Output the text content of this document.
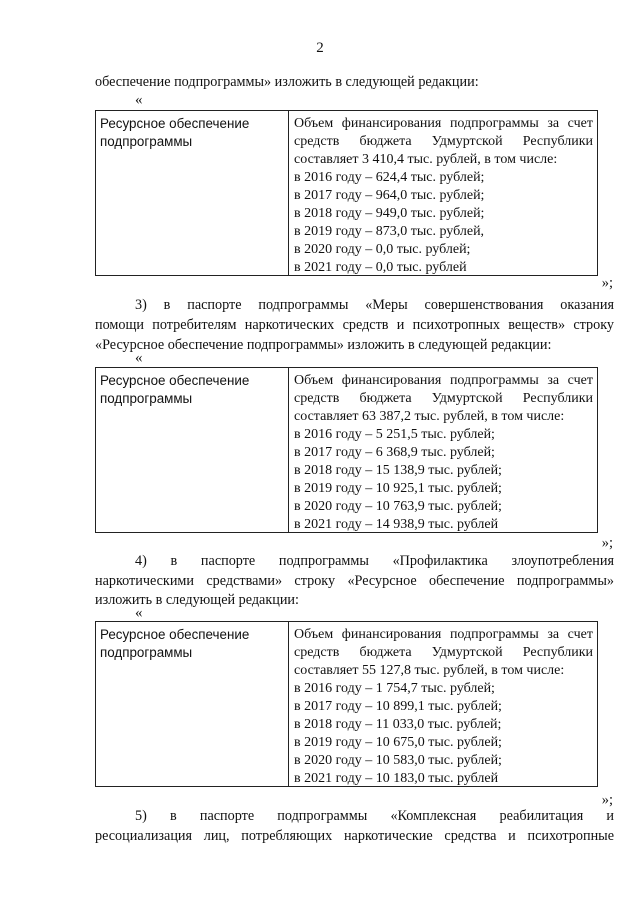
2

обеспечение подпрограммы» изложить в следующей редакции:

«
Ресурсное обеспечение подпрограммы
Объем финансирования подпрограммы за счет
средств бюджета Удмуртской Республики
составляет 3 410,4 тыс. рублей, в том числе:
в 2016 году – 624,4 тыс. рублей;
в 2017 году – 964,0 тыс. рублей;
в 2018 году – 949,0 тыс. рублей;
в 2019 году – 873,0 тыс. рублей,
в 2020 году – 0,0 тыс. рублей;
в 2021 году – 0,0 тыс. рублей
»;

3) в паспорте подпрограммы «Меры совершенствования оказания

помощи потребителям наркотических средств и психотропных веществ» строку

«Ресурсное обеспечение подпрограммы» изложить в следующей редакции:

«
Ресурсное обеспечение подпрограммы
Объем финансирования подпрограммы за счет
средств бюджета Удмуртской Республики
составляет 63 387,2 тыс. рублей, в том числе:
в 2016 году – 5 251,5 тыс. рублей;
в 2017 году – 6 368,9 тыс. рублей;
в 2018 году – 15 138,9 тыс. рублей;
в 2019 году – 10 925,1 тыс. рублей;
в 2020 году – 10 763,9 тыс. рублей;
в 2021 году – 14 938,9 тыс. рублей
»;

4) в паспорте подпрограммы «Профилактика злоупотребления

наркотическими средствами» строку «Ресурсное обеспечение подпрограммы»

изложить в следующей редакции:

«
Ресурсное обеспечение подпрограммы
Объем финансирования подпрограммы за счет
средств бюджета Удмуртской Республики
составляет 55 127,8 тыс. рублей, в том числе:
в 2016 году – 1 754,7 тыс. рублей;
в 2017 году – 10 899,1 тыс. рублей;
в 2018 году – 11 033,0 тыс. рублей;
в 2019 году – 10 675,0 тыс. рублей;
в 2020 году – 10 583,0 тыс. рублей;
в 2021 году – 10 183,0 тыс. рублей
»;

5) в паспорте подпрограммы «Комплексная реабилитация и

ресоциализация лиц, потребляющих наркотические средства и психотропные
